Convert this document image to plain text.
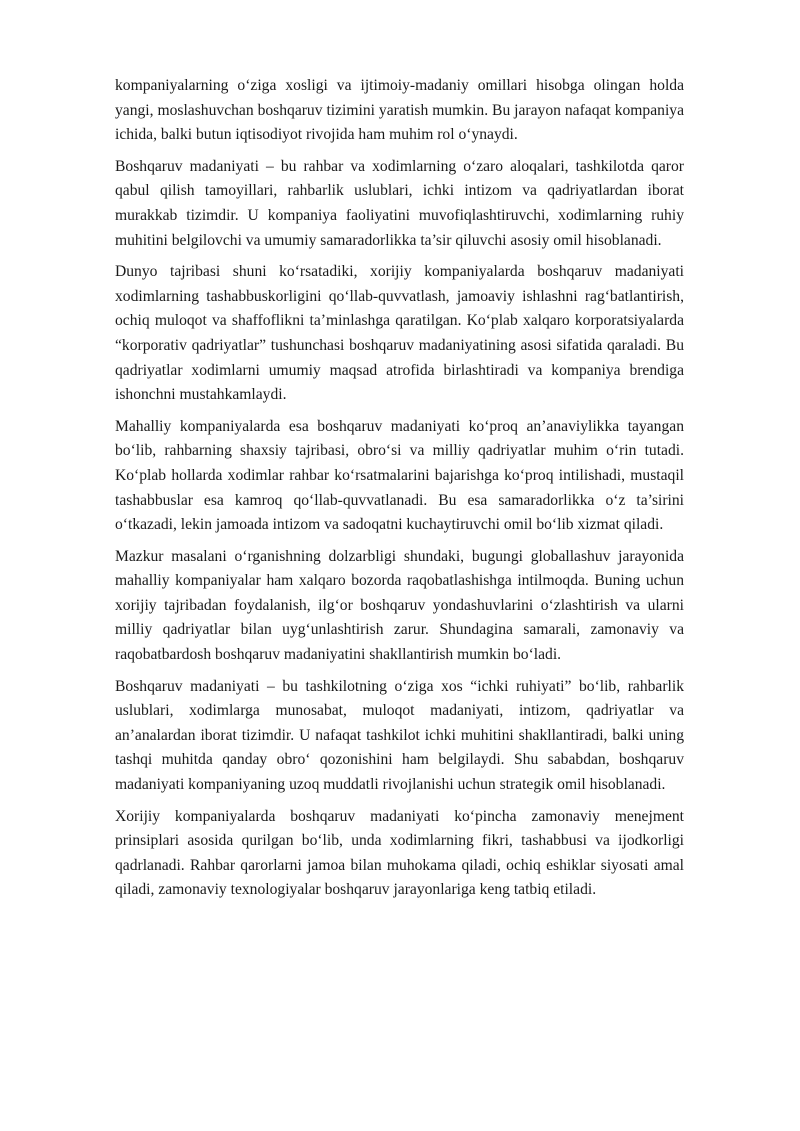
kompaniyalarning o‘ziga xosligi va ijtimoiy-madaniy omillari hisobga olingan holda yangi, moslashuvchan boshqaruv tizimini yaratish mumkin. Bu jarayon nafaqat kompaniya ichida, balki butun iqtisodiyot rivojida ham muhim rol o‘ynaydi.

Boshqaruv madaniyati – bu rahbar va xodimlarning o‘zaro aloqalari, tashkilotda qaror qabul qilish tamoyillari, rahbarlik uslublari, ichki intizom va qadriyatlardan iborat murakkab tizimdir. U kompaniya faoliyatini muvofiqlashtiruvchi, xodimlarning ruhiy muhitini belgilovchi va umumiy samaradorlikka ta’sir qiluvchi asosiy omil hisoblanadi.

Dunyo tajribasi shuni ko‘rsatadiki, xorijiy kompaniyalarda boshqaruv madaniyati xodimlarning tashabbuskorligini qo‘llab-quvvatlash, jamoaviy ishlashni rag‘batlantirish, ochiq muloqot va shaffoflikni ta’minlashga qaratilgan. Ko‘plab xalqaro korporatsiyalarda “korporativ qadriyatlar” tushunchasi boshqaruv madaniyatining asosi sifatida qaraladi. Bu qadriyatlar xodimlarni umumiy maqsad atrofida birlashtiradi va kompaniya brendiga ishonchni mustahkamlaydi.

Mahalliy kompaniyalarda esa boshqaruv madaniyati ko‘proq an’anaviylikka tayangan bo‘lib, rahbarning shaxsiy tajribasi, obro‘si va milliy qadriyatlar muhim o‘rin tutadi. Ko‘plab hollarda xodimlar rahbar ko‘rsatmalarini bajarishga ko‘proq intilishadi, mustaqil tashabbuslar esa kamroq qo‘llab-quvvatlanadi. Bu esa samaradorlikka o‘z ta’sirini o‘tkazadi, lekin jamoada intizom va sadoqatni kuchaytiruvchi omil bo‘lib xizmat qiladi.

Mazkur masalani o‘rganishning dolzarbligi shundaki, bugungi globallashuv jarayonida mahalliy kompaniyalar ham xalqaro bozorda raqobatlashishga intilmoqda. Buning uchun xorijiy tajribadan foydalanish, ilg‘or boshqaruv yondashuvlarini o‘zlashtirish va ularni milliy qadriyatlar bilan uyg‘unlashtirish zarur. Shundagina samarali, zamonaviy va raqobatbardosh boshqaruv madaniyatini shakllantirish mumkin bo‘ladi.

Boshqaruv madaniyati – bu tashkilotning o‘ziga xos “ichki ruhiyati” bo‘lib, rahbarlik uslublari, xodimlarga munosabat, muloqot madaniyati, intizom, qadriyatlar va an’analardan iborat tizimdir. U nafaqat tashkilot ichki muhitini shakllantiradi, balki uning tashqi muhitda qanday obro‘ qozonishini ham belgilaydi. Shu sababdan, boshqaruv madaniyati kompaniyaning uzoq muddatli rivojlanishi uchun strategik omil hisoblanadi.

Xorijiy kompaniyalarda boshqaruv madaniyati ko‘pincha zamonaviy menejment prinsiplari asosida qurilgan bo‘lib, unda xodimlarning fikri, tashabbusi va ijodkorligi qadrlanadi. Rahbar qarorlarni jamoa bilan muhokama qiladi, ochiq eshiklar siyosati amal qiladi, zamonaviy texnologiyalar boshqaruv jarayonlariga keng tatbiq etiladi.
